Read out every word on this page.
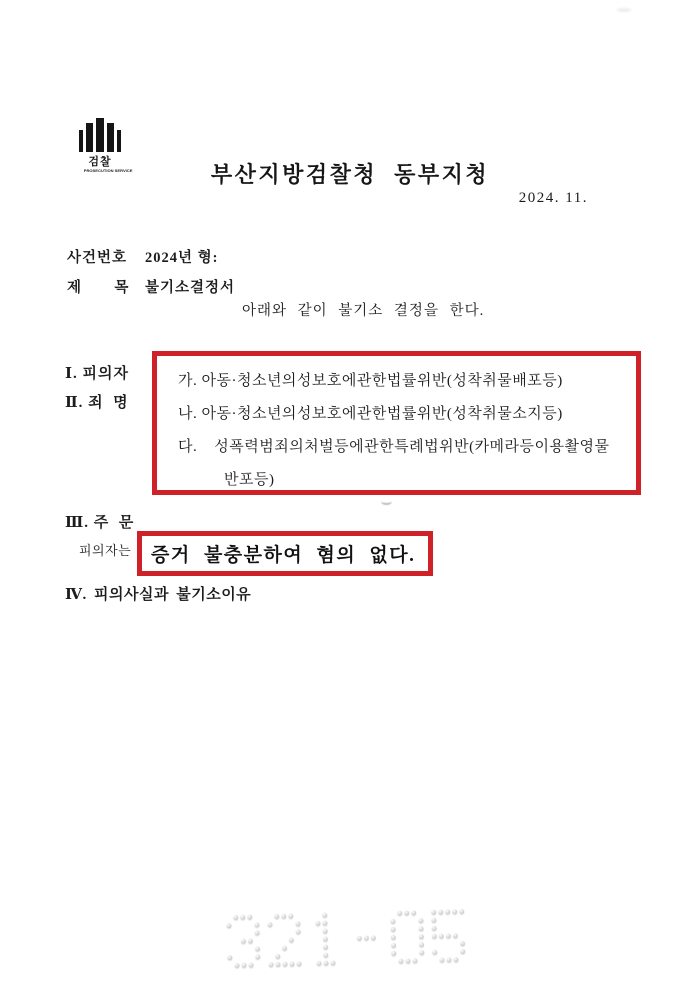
검찰
PROSECUTION SERVICE	부산지방검찰청 동부지청
2024. 11.
사건번호	2024년 형:
제       목	불기소결정서
아래와 같이 불기소 결정을 한다.
Ⅰ. 피의자
Ⅱ. 죄  명
가. 아동·청소년의성보호에관한법률위반(성착취물배포등)
나. 아동·청소년의성보호에관한법률위반(성착취물소지등)
다.    성폭력범죄의처벌등에관한특례법위반(카메라등이용촬영물
반포등)
Ⅲ. 주  문
피의자는 증거 불충분하여 혐의 없다.
Ⅳ. 피의사실과 불기소이유
